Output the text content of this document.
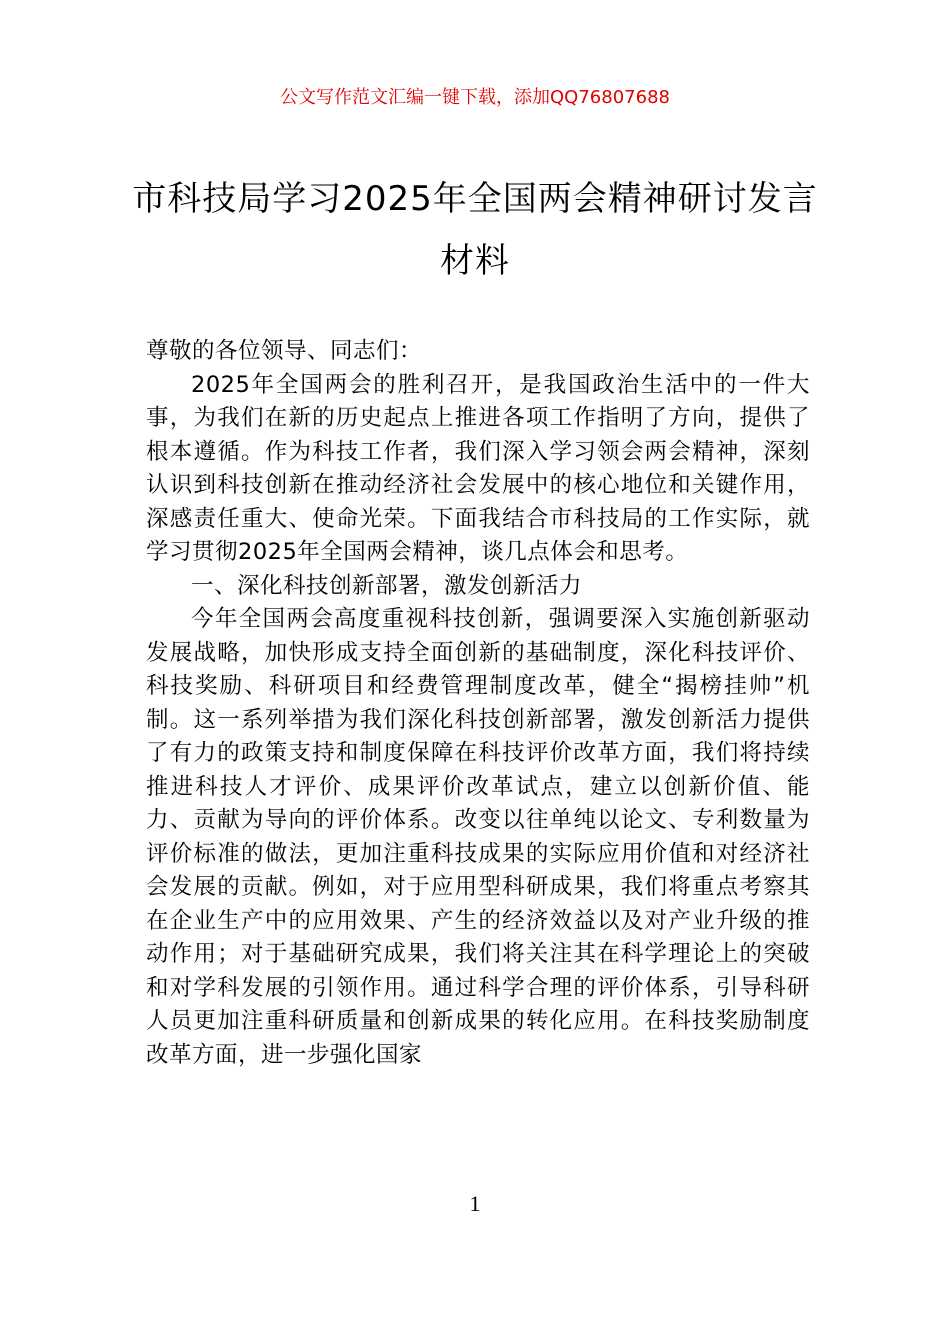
公文写作范文汇编一键下载，添加QQ76807688
市科技局学习2025年全国两会精神研讨发言材料

尊敬的各位领导、同志们：

2025年全国两会的胜利召开，是我国政治生活中的一件大事，为我们在新的历史起点上推进各项工作指明了方向，提供了根本遵循。作为科技工作者，我们深入学习领会两会精神，深刻认识到科技创新在推动经济社会发展中的核心地位和关键作用，深感责任重大、使命光荣。下面我结合市科技局的工作实际，就学习贯彻2025年全国两会精神，谈几点体会和思考。

一、深化科技创新部署，激发创新活力

今年全国两会高度重视科技创新，强调要深入实施创新驱动发展战略，加快形成支持全面创新的基础制度，深化科技评价、科技奖励、科研项目和经费管理制度改革，健全“揭榜挂帅”机制。这一系列举措为我们深化科技创新部署，激发创新活力提供了有力的政策支持和制度保障在科技评价改革方面，我们将持续推进科技人才评价、成果评价改革试点，建立以创新价值、能力、贡献为导向的评价体系。改变以往单纯以论文、专利数量为评价标准的做法，更加注重科技成果的实际应用价值和对经济社会发展的贡献。例如，对于应用型科研成果，我们将重点考察其在企业生产中的应用效果、产生的经济效益以及对产业升级的推动作用；对于基础研究成果，我们将关注其在科学理论上的突破和对学科发展的引领作用。通过科学合理的评价体系，引导科研人员更加注重科研质量和创新成果的转化应用。在科技奖励制度改革方面，进一步强化国家

1
